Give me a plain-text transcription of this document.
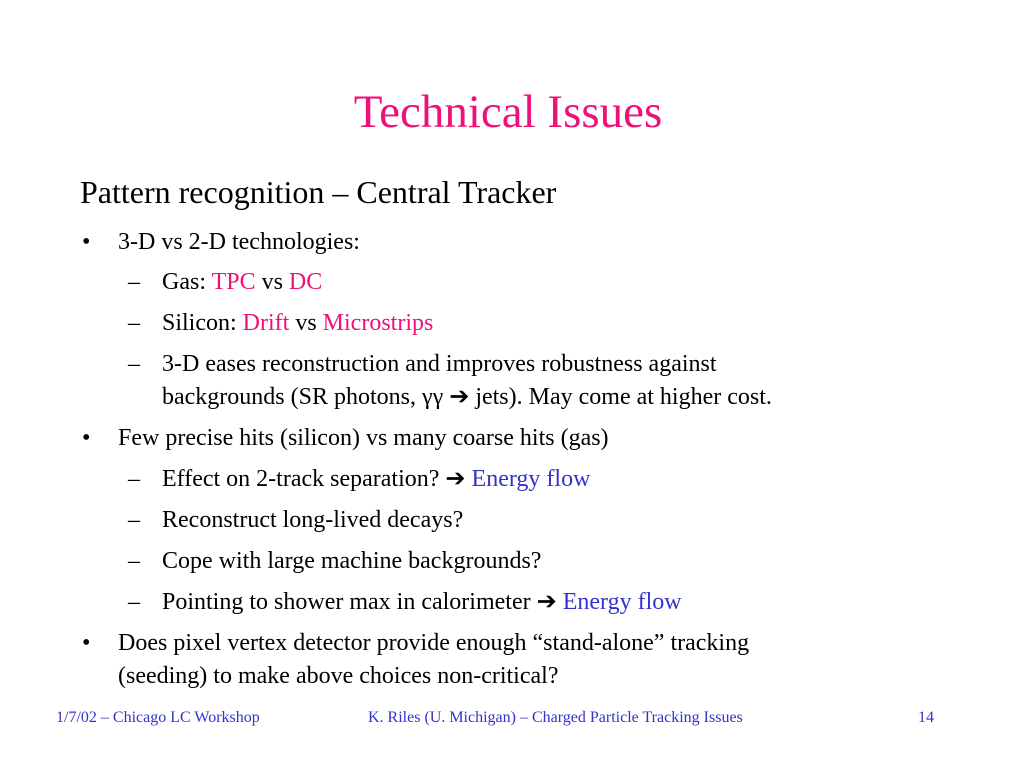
Technical Issues
Pattern recognition – Central Tracker
• 3-D vs 2-D technologies:
– Gas: TPC vs DC
– Silicon: Drift vs Microstrips
– 3-D eases reconstruction and improves robustness against
backgrounds (SR photons, γγ ➔ jets). May come at higher cost.
• Few precise hits (silicon) vs many coarse hits (gas)
– Effect on 2-track separation? ➔ Energy flow
– Reconstruct long-lived decays?
– Cope with large machine backgrounds?
– Pointing to shower max in calorimeter ➔ Energy flow
• Does pixel vertex detector provide enough “stand-alone” tracking
(seeding) to make above choices non-critical?
1/7/02 – Chicago LC Workshop	K. Riles (U. Michigan) – Charged Particle Tracking Issues	14
